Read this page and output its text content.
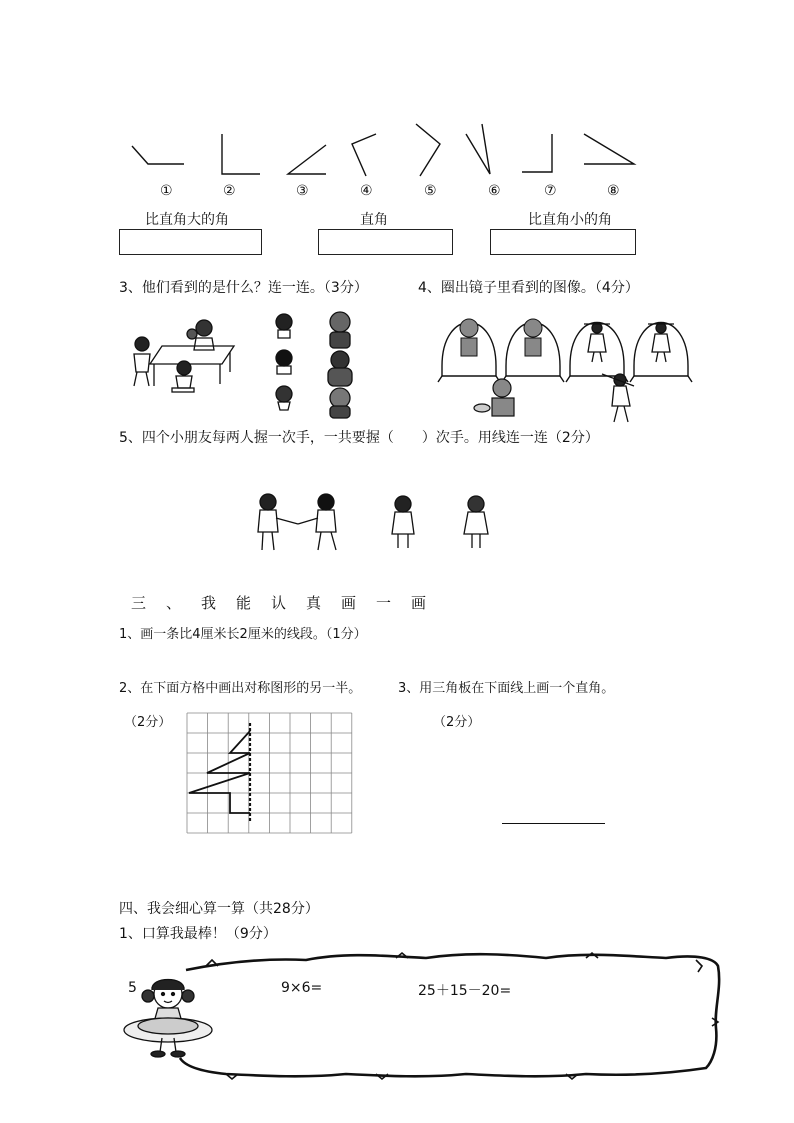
①	②	③	④	⑤	⑥	⑦	⑧
比直角大的角	直角	比直角小的角
3、他们看到的是什么？连一连。（3分）	4、圈出镜子里看到的图像。（4分）
5、四个小朋友每两人握一次手，一共要握（　　）次手。用线连一连（2分）
三 、 我 能 认 真 画 一 画
1、画一条比4厘米长2厘米的线段。（1分）
2、在下面方格中画出对称图形的另一半。	3、用三角板在下面线上画一个直角。
（2分）	（2分）
四、我会细心算一算（共28分）
1、口算我最棒！（9分）
5	9×6=	25＋15－20=
